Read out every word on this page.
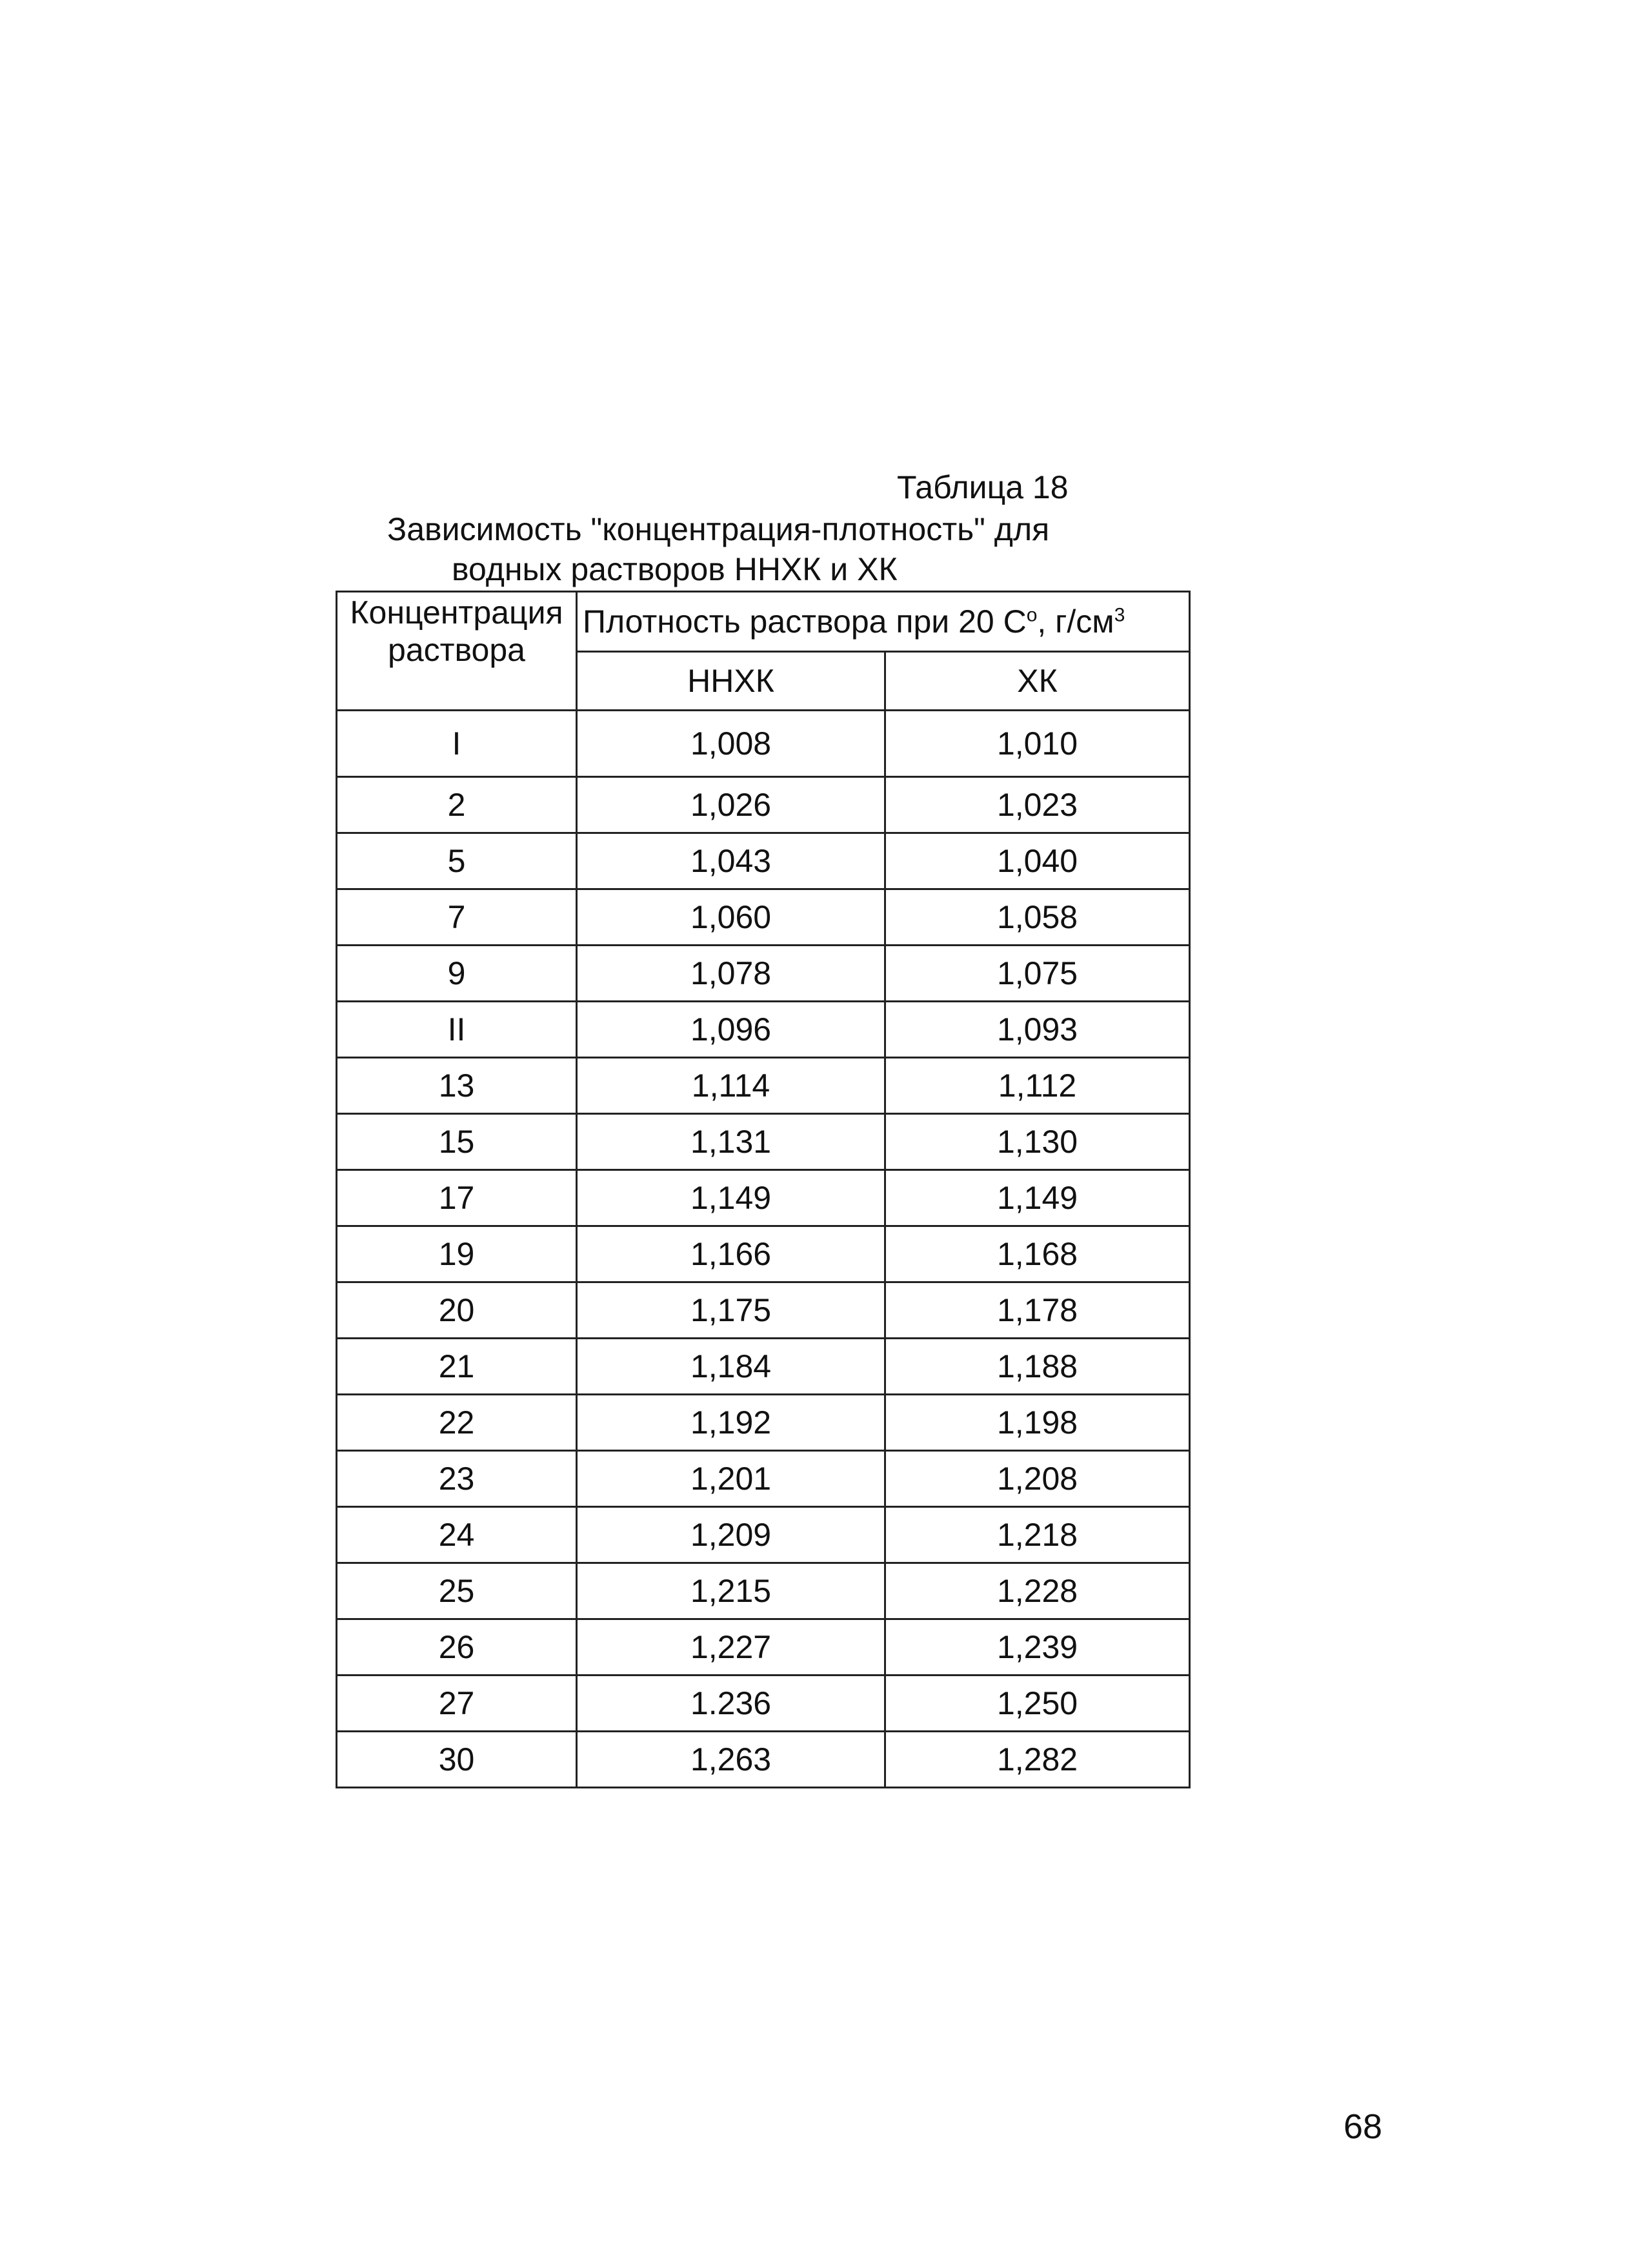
Таблица 18
Зависимость "концентрация-плотность" для
водных растворов ННХК и ХК
Концентрация раствора	Плотность раствора при 20 $С^о$, $г/см^3$
	ННХК	ХК
I	1,008	1,010
2	1,026	1,023
5	1,043	1,040
7	1,060	1,058
9	1,078	1,075
II	1,096	1,093
13	1,114	1,112
15	1,131	1,130
17	1,149	1,149
19	1,166	1,168
20	1,175	1,178
21	1,184	1,188
22	1,192	1,198
23	1,201	1,208
24	1,209	1,218
25	1,215	1,228
26	1,227	1,239
27	1.236	1,250
30	1,263	1,282
68
